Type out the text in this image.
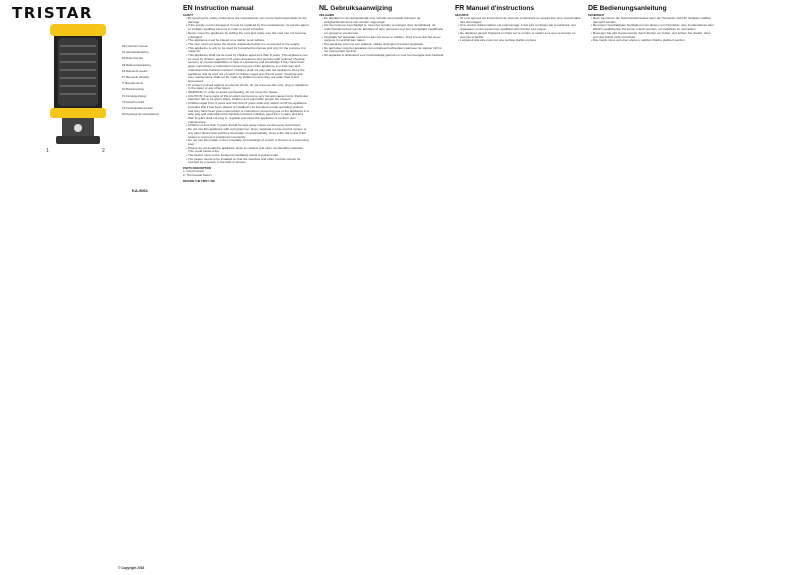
TRISTAR
1	2
EN Instruction manual
NL Gebruiksaanwijzing
FR Mode d'emploi
DE Bedienungsanleitung
ES Manual de usuario
PT Manual de utilizador
IT Manuale utente
SV Bruksanvisning
PL Instrukcja obsługi
CS Návod k použití
SK Používateľská príručka
RU Руководство пользователя
KA-5061
© Copyright 2018
EN Instruction manual
SAFETY
• By ignoring the safety instructions the manufacturer can not be held responsible for the damage.
• If the supply cord is damaged, it must be replaced by the manufacturer, its service agent or similarly qualified persons in order to avoid a hazard.
• Never move the appliance by pulling the cord and make sure the cord can not become entangled.
• The appliance must be placed on a stable, level surface.
• The user must not leave the device unattended while it is connected to the supply.
• This appliance is only to be used for household purposes and only for the purpose it is made for.
• This appliance shall not be used by children aged less than 8 years. This appliance can be used by children aged from 8 years and above and persons with reduced physical, sensory or mental capabilities or lack of experience and knowledge if they have been given supervision or instruction concerning use of the appliance in a safe way and understand the hazards involved. Children shall not play with the appliance. Keep the appliance and its cord out of reach of children aged less than 8 years. Cleaning and user maintenance shall not be made by children unless they are older than 8 and supervised.
• To protect yourself against an electric shock, do not immerse the cord, plug or appliance in the water or any other liquid.
• WARNING: In order to avoid overheating, do not cover the heater.
• CAUTION: Some parts of this product can become very hot and cause burns. Particular attention has to be given where children and vulnerable people are present.
• Children aged from 3 years and less than 8 years shall only switch on/off the appliance provided that it has been placed or installed in its intended normal operating position and they have been given supervision or instruction concerning use of the appliance in a safe way and understand the hazards involved. Children aged from 3 years and less than 8 years shall not plug in, regulate and clean the appliance or perform user maintenance.
• Children of less than 3 years should be kept away unless continuously supervised.
• Do not use this appliance with a programmer, timer, separate remote-control system or any other device that switches the heater on automatically, since a fire risk exists if the heater is covered or positioned incorrectly.
• Do not use this heater in the immediate surroundings of a bath, a shower or a swimming pool.
• Please do not install the appliance close to curtains and other combustible materials. This could cause a fire.
• The heater must not be located immediately below a socket-outlet.
• The heater needs to be installed so that the switches and other controls cannot be touched by a person in the bath or shower.
PARTS DESCRIPTION

1. Control knob

2. Thermostat button

BEFORE THE FIRST USE
NL Gebruiksaanwijzing
VEILIGHEID
• De fabrikant is niet aansprakelijk voor schade veroorzaakt wanneer de veiligheidsinstructies niet worden opgevolgd.
• Als het netsnoer beschadigd is, moet het worden vervangen door de fabrikant, de onderhoudsmonteur van de fabrikant of door personen met een soortgelijke kwalificatie om gevaar te voorkomen.
• Verplaats het apparaat nooit door aan het snoer te trekken. Zorg ervoor dat het snoer nergens in verstrikt kan raken.
• Het apparaat moet op een stabiele, vlakke ondergrond worden geplaatst.
• De gebruiker mag het apparaat niet onbeheerd achterlaten wanneer de stekker zich in het stopcontact bevindt.
• Dit apparaat is uitsluitend voor huishoudelijk gebruik en voor het beoogde doel bedoeld.
FR Manuel d'instructions
SÉCURITÉ
• Si vous ignorez les instructions de sécurité, le fabricant ne saurait être tenu responsable des dommages.
• Si le cordon d'alimentation est endommagé, il doit être remplacé par le fabricant, son réparateur ou des personnes qualifiées afin d'éviter tout risque.
• Ne déplacez jamais l'appareil en tirant sur le cordon et veillez à ce que ce dernier ne soit pas entortillé.
• L'appareil doit être posé sur une surface stable et plane.
DE Bedienungsanleitung
SICHERHEIT
• Beim Ignorieren der Sicherheitshinweise kann der Hersteller nicht für Schäden haftbar gemacht werden.
• Bei einem beschädigten Netzkabel muss dieses vom Hersteller, dem Kundendienst oder ähnlich qualifizierten Personen ersetzt werden, um Gefahren zu vermeiden.
• Bewegen Sie das Gerät niemals durch Ziehen am Kabel, und achten Sie darauf, dass sich das Kabel nicht verwickelt.
• Das Gerät muss auf einer ebenen, stabilen Fläche platziert werden.
